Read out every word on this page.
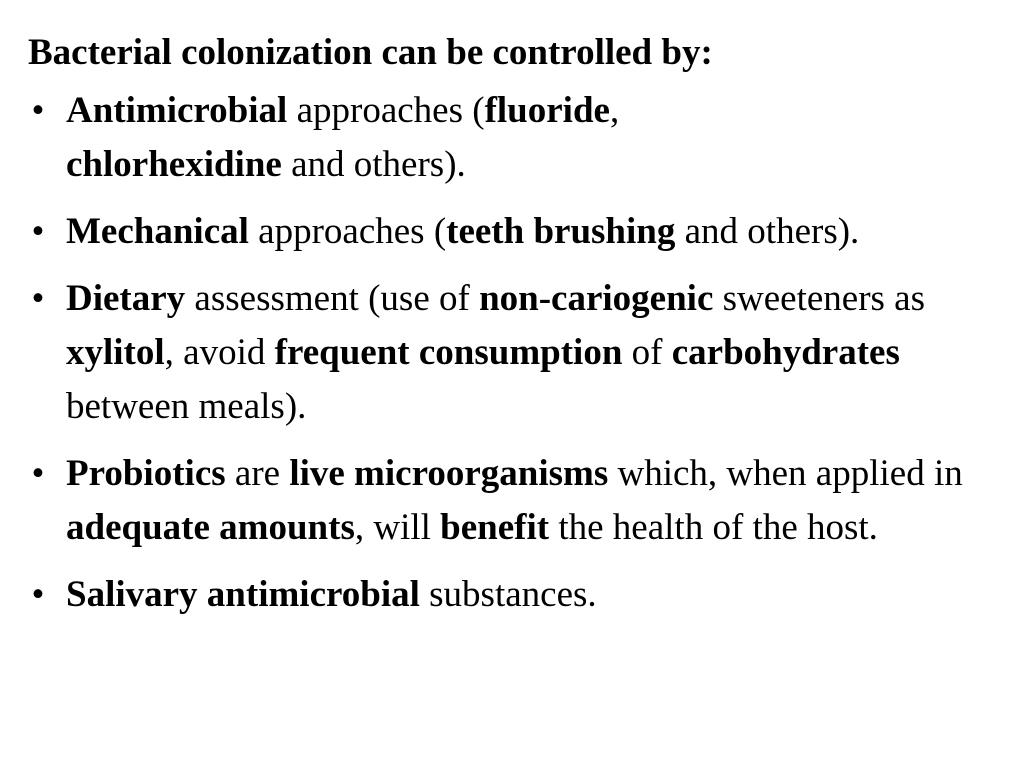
Bacterial colonization can be controlled by:
• Antimicrobial approaches (fluoride,
chlorhexidine and others).
• Mechanical approaches (teeth brushing and others).
• Dietary assessment (use of non-cariogenic sweeteners as xylitol, avoid frequent consumption of carbohydrates between meals).
• Probiotics are live microorganisms which, when applied in adequate amounts, will benefit the health of the host.
• Salivary antimicrobial substances.
